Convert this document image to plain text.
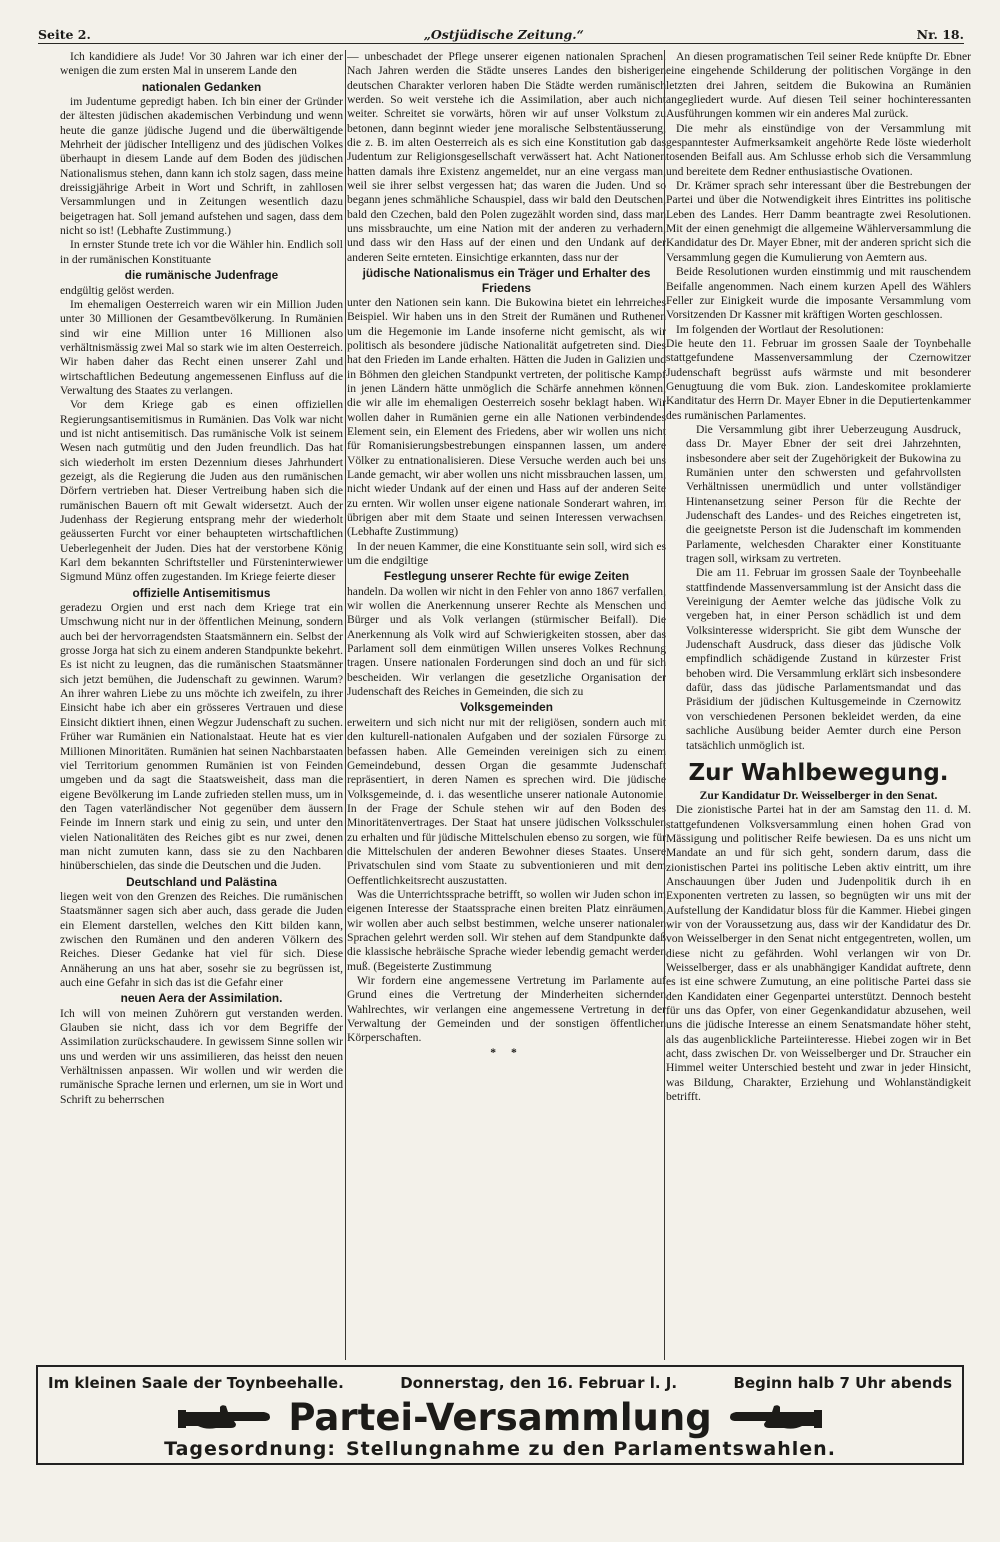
Seite 2.	„Ostjüdische Zeitung.“	Nr. 18.

Ich kandidiere als Jude! Vor 30 Jahren war ich einer der wenigen die zum ersten Mal in unserem Lande den

nationalen Gedanken

im Judentume gepredigt haben. Ich bin einer der Gründer der ältesten jüdischen akademischen Verbindung und wenn heute die ganze jüdische Jugend und die überwältigende Mehrheit der jüdischer Intelligenz und des jüdischen Volkes überhaupt in diesem Lande auf dem Boden des jüdischen Nationalismus stehen, dann kann ich stolz sagen, dass meine dreissigjährige Arbeit in Wort und Schrift, in zahllosen Versammlungen und in Zeitungen wesentlich dazu beigetragen hat. Soll jemand aufstehen und sagen, dass dem nicht so ist! (Lebhafte Zustimmung.)

In ernster Stunde trete ich vor die Wähler hin. Endlich soll in der rumänischen Konstituante

die rumänische Judenfrage

endgültig gelöst werden.

Im ehemaligen Oesterreich waren wir ein Million Juden unter 30 Millionen der Gesamtbevölkerung. In Rumänien sind wir eine Million unter 16 Millionen also verhältnismässig zwei Mal so stark wie im alten Oesterreich. Wir haben daher das Recht einen unserer Zahl und wirtschaftlichen Bedeutung angemessenen Einfluss auf die Verwaltung des Staates zu verlangen.

Vor dem Kriege gab es einen offiziellen Regierungsantisemitismus in Rumänien. Das Volk war nicht und ist nicht antisemitisch. Das rumänische Volk ist seinem Wesen nach gutmütig und den Juden freundlich. Das hat sich wiederholt im ersten Dezennium dieses Jahrhundert gezeigt, als die Regierung die Juden aus den rumänischen Dörfern vertrieben hat. Dieser Vertreibung haben sich die rumänischen Bauern oft mit Gewalt widersetzt. Auch der Judenhass der Regierung entsprang mehr der wiederholt geäusserten Furcht vor einer behaupteten wirtschaftlichen Ueberlegenheit der Juden. Dies hat der verstorbene König Karl dem bekannten Schriftsteller und Fürsteninterwiewer Sigmund Münz offen zugestanden. Im Kriege feierte dieser

offizielle Antisemitismus

geradezu Orgien und erst nach dem Kriege trat ein Umschwung nicht nur in der öffentlichen Meinung, sondern auch bei der hervorragendsten Staatsmännern ein. Selbst der grosse Jorga hat sich zu einem anderen Standpunkte bekehrt. Es ist nicht zu leugnen, das die rumänischen Staatsmänner sich jetzt bemühen, die Judenschaft zu gewinnen. Warum? An ihrer wahren Liebe zu uns möchte ich zweifeln, zu ihrer Einsicht habe ich aber ein grösseres Vertrauen und diese Einsicht diktiert ihnen, einen Wegzur Judenschaft zu suchen. Früher war Rumänien ein Nationalstaat. Heute hat es vier Millionen Minoritäten. Rumänien hat seinen Nachbarstaaten viel Territorium genommen Rumänien ist von Feinden umgeben und da sagt die Staatsweisheit, dass man die eigene Bevölkerung im Lande zufrieden stellen muss, um in den Tagen vaterländischer Not gegenüber dem äussern Feinde im Innern stark und einig zu sein, und unter den vielen Nationalitäten des Reiches gibt es nur zwei, denen man nicht zumuten kann, dass sie zu den Nachbaren hinüberschielen, das sinde die Deutschen und die Juden.

Deutschland und Palästina

liegen weit von den Grenzen des Reiches. Die rumänischen Staatsmänner sagen sich aber auch, dass gerade die Juden ein Element darstellen, welches den Kitt bilden kann, zwischen den Rumänen und den anderen Völkern des Reiches. Dieser Gedanke hat viel für sich. Diese Annäherung an uns hat aber, sosehr sie zu begrüssen ist, auch eine Gefahr in sich das ist die Gefahr einer

neuen Aera der Assimilation.

Ich will von meinen Zuhörern gut verstanden werden. Glauben sie nicht, dass ich vor dem Begriffe der Assimilation zurückschaudere. In gewissem Sinne sollen wir uns und werden wir uns assimilieren, das heisst den neuen Verhältnissen anpassen. Wir wollen und wir werden die rumänische Sprache lernen und erlernen, um sie in Wort und Schrift zu beherrschen

— unbeschadet der Pflege unserer eigenen nationalen Sprachen. Nach Jahren werden die Städte unseres Landes den bisherigen deutschen Charakter verloren haben Die Städte werden rumänisch werden. So weit verstehe ich die Assimilation, aber auch nicht weiter. Schreitet sie vorwärts, hören wir auf unser Volkstum zu betonen, dann beginnt wieder jene moralische Selbstentäusserung, die z. B. im alten Oesterreich als es sich eine Konstitution gab das Judentum zur Religionsgesellschaft verwässert hat. Acht Nationen hatten damals ihre Existenz angemeldet, nur an eine vergass man, weil sie ihrer selbst vergessen hat; das waren die Juden. Und so begann jenes schmähliche Schauspiel, dass wir bald den Deutschen, bald den Czechen, bald den Polen zugezählt worden sind, dass man uns missbrauchte, um eine Nation mit der anderen zu verhadern, und dass wir den Hass auf der einen und den Undank auf der anderen Seite ernteten. Einsichtige erkannten, dass nur der

jüdische Nationalismus ein Träger und Erhalter des Friedens

unter den Nationen sein kann. Die Bukowina bietet ein lehrreiches Beispiel. Wir haben uns in den Streit der Rumänen und Ruthenen um die Hegemonie im Lande insoferne nicht gemischt, als wir politisch als besondere jüdische Nationalität aufgetreten sind. Dies hat den Frieden im Lande erhalten. Hätten die Juden in Galizien und in Böhmen den gleichen Standpunkt vertreten, der politische Kampf in jenen Ländern hätte unmöglich die Schärfe annehmen können, die wir alle im ehemaligen Oesterreich sosehr beklagt haben. Wir wollen daher in Rumänien gerne ein alle Nationen verbindendes Element sein, ein Element des Friedens, aber wir wollen uns nicht für Romanisierungsbestrebungen einspannen lassen, um andere Völker zu entnationalisieren. Diese Versuche werden auch bei uns Lande gemacht, wir aber wollen uns nicht missbrauchen lassen, um, nicht wieder Undank auf der einen und Hass auf der anderen Seite zu ernten. Wir wollen unser eigene nationale Sonderart wahren, im übrigen aber mit dem Staate und seinen Interessen verwachsen. (Lebhafte Zustimmung)

In der neuen Kammer, die eine Konstituante sein soll, wird sich es um die endgiltige

Festlegung unserer Rechte für ewige Zeiten

handeln. Da wollen wir nicht in den Fehler von anno 1867 verfallen, wir wollen die Anerkennung unserer Rechte als Menschen und Bürger und als Volk verlangen (stürmischer Beifall). Die Anerkennung als Volk wird auf Schwierigkeiten stossen, aber das Parlament soll dem einmütigen Willen unseres Volkes Rechnung tragen. Unsere nationalen Forderungen sind doch an und für sich bescheiden. Wir verlangen die gesetzliche Organisation der Judenschaft des Reiches in Gemeinden, die sich zu

Volksgemeinden

erweitern und sich nicht nur mit der religiösen, sondern auch mit den kulturell-nationalen Aufgaben und der sozialen Fürsorge zu befassen haben. Alle Gemeinden vereinigen sich zu einem Gemeindebund, dessen Organ die gesammte Judenschaft repräsentiert, in deren Namen es sprechen wird. Die jüdische Volksgemeinde, d. i. das wesentliche unserer nationale Autonomie. In der Frage der Schule stehen wir auf den Boden des Minoritätenvertrages. Der Staat hat unsere jüdischen Volksschulen zu erhalten und für jüdische Mittelschulen ebenso zu sorgen, wie für die Mittelschulen der anderen Bewohner dieses Staates. Unsere Privatschulen sind vom Staate zu subventionieren und mit dem Oeffentlichkeitsrecht auszustatten.

Was die Unterrichtssprache betrifft, so wollen wir Juden schon im eigenen Interesse der Staatssprache einen breiten Platz einräumen, wir wollen aber auch selbst bestimmen, welche unserer nationalen Sprachen gelehrt werden soll. Wir stehen auf dem Standpunkte daß die klassische hebräische Sprache wieder lebendig gemacht werden muß. (Begeisterte Zustimmung

Wir fordern eine angemessene Vertretung im Parlamente auf Grund eines die Vertretung der Minderheiten sichernden Wahlrechtes, wir verlangen eine angemessene Vertretung in der Verwaltung der Gemeinden und der sonstigen öffentlichen Körperschaften.

* *

An diesen programatischen Teil seiner Rede knüpfte Dr. Ebner eine eingehende Schilderung der politischen Vorgänge in den letzten drei Jahren, seitdem die Bukowina an Rumänien angegliedert wurde. Auf diesen Teil seiner hochinteressanten Ausführungen kommen wir ein anderes Mal zurück.

Die mehr als einstündige von der Versammlung mit gespanntester Aufmerksamkeit angehörte Rede löste wiederholt tosenden Beifall aus. Am Schlusse erhob sich die Versammlung und bereitete dem Redner enthusiastische Ovationen.

Dr. Krämer sprach sehr interessant über die Bestrebungen der Partei und über die Notwendigkeit ihres Eintrittes ins politische Leben des Landes. Herr Damm beantragte zwei Resolutionen. Mit der einen genehmigt die allgemeine Wählerversammlung die Kandidatur des Dr. Mayer Ebner, mit der anderen spricht sich die Versammlung gegen die Kumulierung von Aemtern aus.

Beide Resolutionen wurden einstimmig und mit rauschendem Beifalle angenommen. Nach einem kurzen Apell des Wählers Feller zur Einigkeit wurde die imposante Versammlung vom Vorsitzenden Dr Kassner mit kräftigen Worten geschlossen.

Im folgenden der Wortlaut der Resolutionen:

Die heute den 11. Februar im grossen Saale der Toynbehalle stattgefundene Massenversammlung der Czernowitzer Judenschaft begrüsst aufs wärmste und mit besonderer Genugtuung die vom Buk. zion. Landeskomitee proklamierte Kanditatur des Herrn Dr. Mayer Ebner in die Deputiertenkammer des rumänischen Parlamentes.

Die Versammlung gibt ihrer Ueberzeugung Ausdruck, dass Dr. Mayer Ebner der seit drei Jahrzehnten, insbesondere aber seit der Zugehörigkeit der Bukowina zu Rumänien unter den schwersten und gefahrvollsten Verhältnissen unermüdlich und unter vollständiger Hintenansetzung seiner Person für die Rechte der Judenschaft des Landes- und des Reiches eingetreten ist, die geeignetste Person ist die Judenschaft im kommenden Parlamente, welchesden Charakter einer Konstituante tragen soll, wirksam zu vertreten.

Die am 11. Februar im grossen Saale der Toynbeehalle stattfindende Massenversammlung ist der Ansicht dass die Vereinigung der Aemter welche das jüdische Volk zu vergeben hat, in einer Person schädlich ist und dem Volksinteresse widerspricht. Sie gibt dem Wunsche der Judenschaft Ausdruck, dass dieser das jüdische Volk empfindlich schädigende Zustand in kürzester Frist behoben wird. Die Versammlung erklärt sich insbesondere dafür, dass das jüdische Parlamentsmandat und das Präsidium der jüdischen Kultusgemeinde in Czernowitz von verschiedenen Personen bekleidet werden, da eine sachliche Ausübung beider Aemter durch eine Person tatsächlich unmöglich ist.

Zur Wahlbewegung.
Zur Kandidatur Dr. Weisselberger in den Senat.

Die zionistische Partei hat in der am Samstag den 11. d. M. stattgefundenen Volksversammlung einen hohen Grad von Mässigung und politischer Reife bewiesen. Da es uns nicht um Mandate an und für sich geht, sondern darum, dass die zionistischen Partei ins politische Leben aktiv eintritt, um ihre Anschauungen über Juden und Judenpolitik durch ih en Exponenten vertreten zu lassen, so begnügten wir uns mit der Aufstellung der Kandidatur bloss für die Kammer. Hiebei gingen wir von der Voraussetzung aus, dass wir der Kandidatur des Dr. von Weisselberger in den Senat nicht entgegentreten, wollen, um diese nicht zu gefährden. Wohl verlangen wir von Dr. Weisselberger, dass er als unabhängiger Kandidat auftrete, denn es ist eine schwere Zumutung, an eine politische Partei dass sie den Kandidaten einer Gegenpartei unterstützt. Dennoch besteht für uns das Opfer, von einer Gegenkandidatur abzusehen, weil uns die jüdische Interesse an einem Senatsmandate höher steht, als das augenblickliche Parteiinteresse. Hiebei zogen wir in Bet acht, dass zwischen Dr. von Weisselberger und Dr. Straucher ein Himmel weiter Unterschied besteht und zwar in jeder Hinsicht, was Bildung, Charakter, Erziehung und Wohlanständigkeit betrifft.

Im kleinen Saale der Toynbeehalle.	Donnerstag, den 16. Februar l. J.	Beginn halb 7 Uhr abends
Partei-Versammlung
Tagesordnung: Stellungnahme zu den Parlamentswahlen.
